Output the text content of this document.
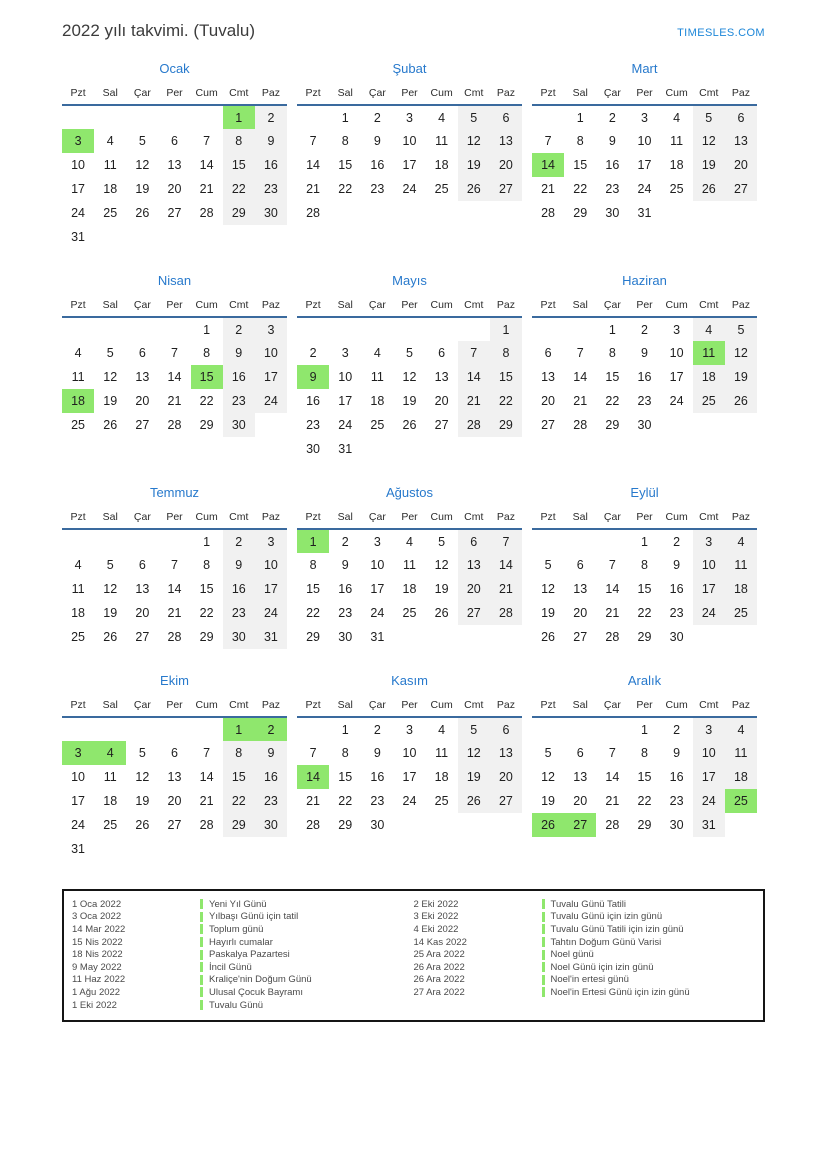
2022 yılı takvimi. (Tuvalu)	TIMESLES.COM
Ocak
Pzt	Sal	Çar	Per	Cum	Cmt	Paz
					1	2
3	4	5	6	7	8	9
10	11	12	13	14	15	16
17	18	19	20	21	22	23
24	25	26	27	28	29	30
31						
Şubat
Pzt	Sal	Çar	Per	Cum	Cmt	Paz
	1	2	3	4	5	6
7	8	9	10	11	12	13
14	15	16	17	18	19	20
21	22	23	24	25	26	27
28						
Mart
Pzt	Sal	Çar	Per	Cum	Cmt	Paz
	1	2	3	4	5	6
7	8	9	10	11	12	13
14	15	16	17	18	19	20
21	22	23	24	25	26	27
28	29	30	31			
Nisan
Pzt	Sal	Çar	Per	Cum	Cmt	Paz
				1	2	3
4	5	6	7	8	9	10
11	12	13	14	15	16	17
18	19	20	21	22	23	24
25	26	27	28	29	30	
Mayıs
Pzt	Sal	Çar	Per	Cum	Cmt	Paz
						1
2	3	4	5	6	7	8
9	10	11	12	13	14	15
16	17	18	19	20	21	22
23	24	25	26	27	28	29
30	31					
Haziran
Pzt	Sal	Çar	Per	Cum	Cmt	Paz
		1	2	3	4	5
6	7	8	9	10	11	12
13	14	15	16	17	18	19
20	21	22	23	24	25	26
27	28	29	30			
Temmuz
Pzt	Sal	Çar	Per	Cum	Cmt	Paz
				1	2	3
4	5	6	7	8	9	10
11	12	13	14	15	16	17
18	19	20	21	22	23	24
25	26	27	28	29	30	31
Ağustos
Pzt	Sal	Çar	Per	Cum	Cmt	Paz
1	2	3	4	5	6	7
8	9	10	11	12	13	14
15	16	17	18	19	20	21
22	23	24	25	26	27	28
29	30	31				
Eylül
Pzt	Sal	Çar	Per	Cum	Cmt	Paz
			1	2	3	4
5	6	7	8	9	10	11
12	13	14	15	16	17	18
19	20	21	22	23	24	25
26	27	28	29	30		
Ekim
Pzt	Sal	Çar	Per	Cum	Cmt	Paz
					1	2
3	4	5	6	7	8	9
10	11	12	13	14	15	16
17	18	19	20	21	22	23
24	25	26	27	28	29	30
31						
Kasım
Pzt	Sal	Çar	Per	Cum	Cmt	Paz
	1	2	3	4	5	6
7	8	9	10	11	12	13
14	15	16	17	18	19	20
21	22	23	24	25	26	27
28	29	30				
Aralık
Pzt	Sal	Çar	Per	Cum	Cmt	Paz
			1	2	3	4
5	6	7	8	9	10	11
12	13	14	15	16	17	18
19	20	21	22	23	24	25
26	27	28	29	30	31	
1 Oca 2022	Yeni Yıl Günü
3 Oca 2022	Yılbaşı Günü için tatil
14 Mar 2022	Toplum günü
15 Nis 2022	Hayırlı cumalar
18 Nis 2022	Paskalya Pazartesi
9 May 2022	İncil Günü
11 Haz 2022	Kraliçe'nin Doğum Günü
1 Ağu 2022	Ulusal Çocuk Bayramı
1 Eki 2022	Tuvalu Günü
2 Eki 2022	Tuvalu Günü Tatili
3 Eki 2022	Tuvalu Günü için izin günü
4 Eki 2022	Tuvalu Günü Tatili için izin günü
14 Kas 2022	Tahtın Doğum Günü Varisi
25 Ara 2022	Noel günü
26 Ara 2022	Noel Günü için izin günü
26 Ara 2022	Noel'in ertesi günü
27 Ara 2022	Noel'in Ertesi Günü için izin günü
